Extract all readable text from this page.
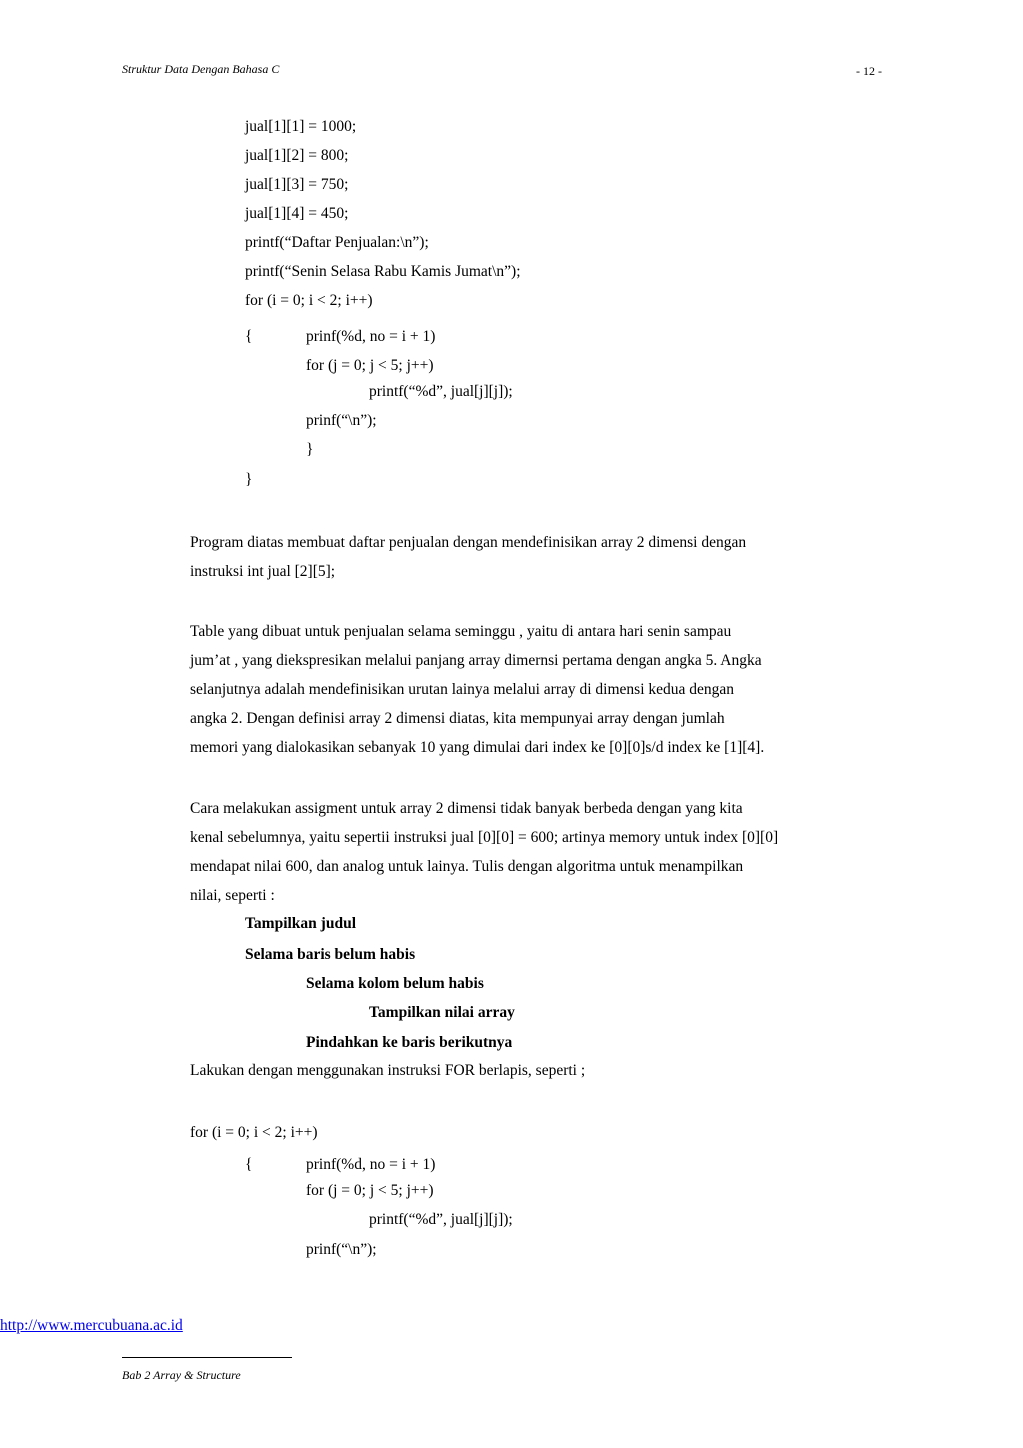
Struktur Data Dengan Bahasa C	- 12 -
jual[1][1] = 1000;
jual[1][2] = 800;
jual[1][3] = 750;
jual[1][4] = 450;
printf(“Daftar Penjualan:\n”);
printf(“Senin Selasa Rabu Kamis Jumat\n”);
for (i = 0; i < 2; i++)
{	prinf(%d, no = i + 1)
for (j = 0; j < 5; j++)
printf(“%d”, jual[j][j]);
prinf(“\n”);
}
}
Program diatas membuat daftar penjualan dengan mendefinisikan array 2 dimensi dengan
instruksi int jual [2][5];
Table yang dibuat untuk penjualan selama seminggu , yaitu di antara hari senin sampau
jum’at , yang diekspresikan melalui panjang array dimernsi pertama dengan angka 5. Angka
selanjutnya adalah mendefinisikan urutan lainya melalui array di dimensi kedua dengan
angka 2. Dengan definisi array 2 dimensi diatas, kita mempunyai array dengan jumlah
memori yang dialokasikan sebanyak 10 yang dimulai dari index ke [0][0]s/d index ke [1][4].
Cara melakukan assigment untuk array 2 dimensi tidak banyak berbeda dengan yang kita
kenal sebelumnya, yaitu sepertii instruksi jual [0][0] = 600; artinya memory untuk index [0][0]
mendapat nilai 600, dan analog untuk lainya. Tulis dengan algoritma untuk menampilkan
nilai, seperti :
Tampilkan judul
Selama baris belum habis
Selama kolom belum habis
Tampilkan nilai array
Pindahkan ke baris berikutnya
Lakukan dengan menggunakan instruksi FOR berlapis, seperti ;
for (i = 0; i < 2; i++)
{	prinf(%d, no = i + 1)
for (j = 0; j < 5; j++)
printf(“%d”, jual[j][j]);
prinf(“\n”);
http://www.mercubuana.ac.id
Bab 2 Array & Structure
